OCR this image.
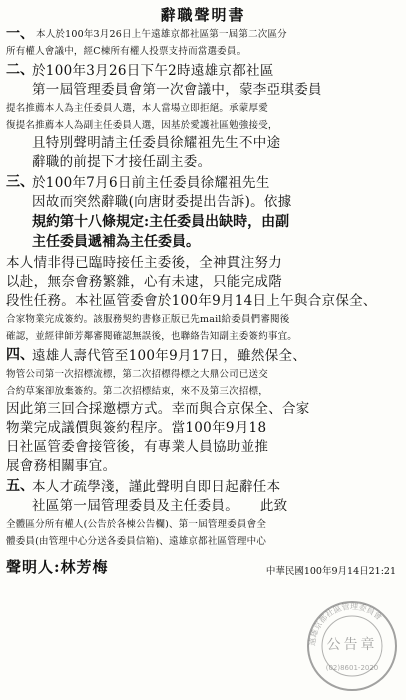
辭職聲明書
一、 本人於100年3月26日上午遠雄京都社區第一屆第二次區分
所有權人會議中，經C棟所有權人投票支持而當選委員。
二、
於100年3月26日下午2時遠雄京都社區
第一屆管理委員會第一次會議中，蒙李亞琪委員
提名推薦本人為主任委員人選，本人當場立即拒絕。承蒙厚愛
復提名推薦本人為副主任委員人選，因基於愛護社區勉強接受，
且特別聲明請主任委員徐耀祖先生不中途
辭職的前提下才接任副主委。
三、
於100年7月6日前主任委員徐耀祖先生
因故而突然辭職(向唐財委提出告訴)。依據
規約第十八條規定:主任委員出缺時，由副
主任委員遞補為主任委員。
本人情非得已臨時接任主委後，全神貫注努力
以赴，無奈會務繁雜，心有未逮，只能完成階
段性任務。本社區管委會於100年9月14日上午與合京保全、
合家物業完成簽約。該服務契約書修正版已先mail給委員們審閱後
確認，並經律師芳鄰審閱確認無誤後，也聯絡告知副主委簽約事宜。
四、
遠雄人壽代管至100年9月17日，雖然保全、
物管公司第一次招標流標，第二次招標得標之大鼎公司已送交
合約草案卻放棄簽約。第二次招標結束，來不及第三次招標，
因此第三回合採邀標方式。幸而與合京保全、合家
物業完成議價與簽約程序。當100年9月18
日社區管委會接管後，有專業人員協助並推
展會務相關事宜。
五、
本人才疏學淺，謹此聲明自即日起辭任本
社區第一屆管理委員及主任委員。　　此致
全體區分所有權人(公告於各棟公告欄)、第一屆管理委員會全
體委員(由管理中心分送各委員信箱)、遠雄京都社區管理中心
聲明人:林芳梅	中華民國100年9月14日21:21
遠雄京都社區管理委員會
(02)8601-2020
公告章
